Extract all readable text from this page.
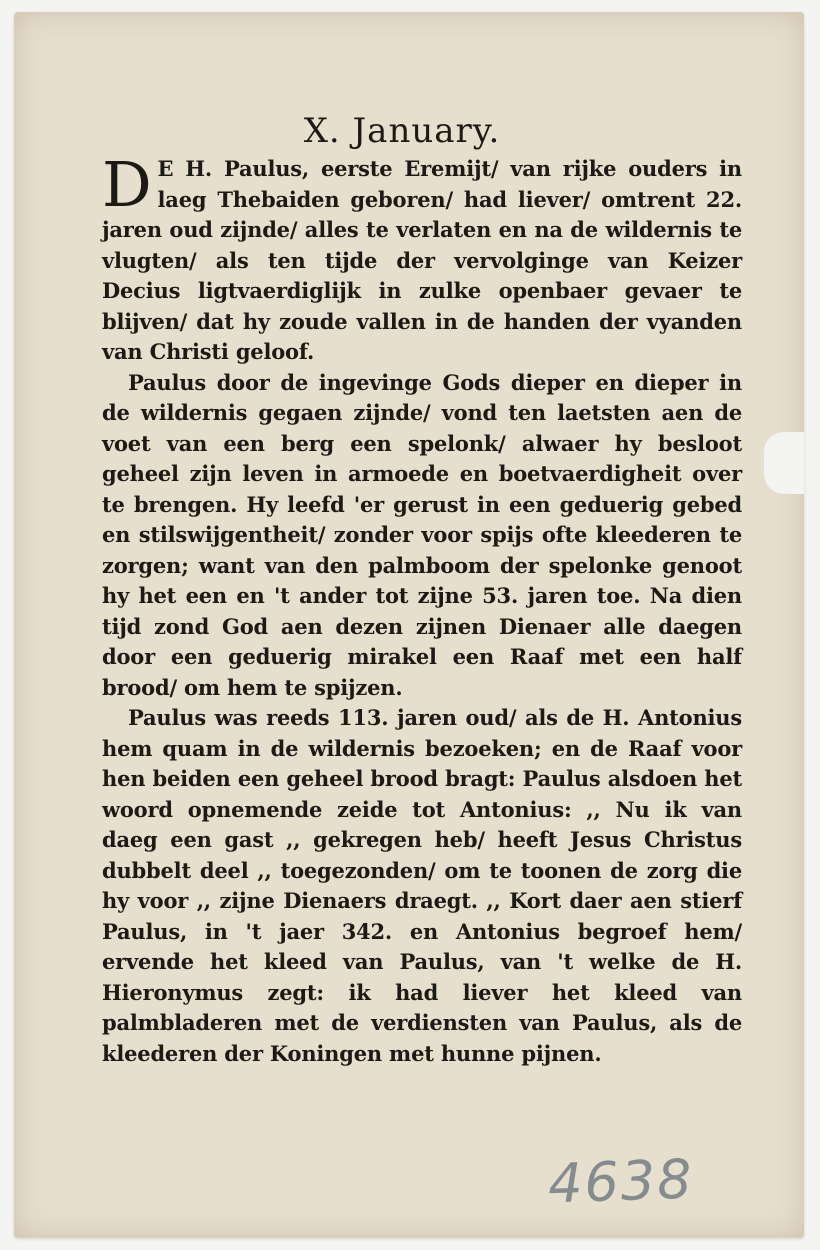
X. January.

D E H. Paulus, eerste Eremijt/ van rijke ouders in laeg Thebaiden geboren/ had liever/ omtrent 22. jaren oud zijnde/ alles te verlaten en na de wildernis te vlugten/ als ten tijde der vervolginge van Keizer Decius ligtvaerdiglijk in zulke openbaer gevaer te blijven/ dat hy zoude vallen in de handen der vyanden van Christi geloof.

Paulus door de ingevinge Gods dieper en dieper in de wildernis gegaen zijnde/ vond ten laetsten aen de voet van een berg een spelonk/ alwaer hy besloot geheel zijn leven in armoede en boetvaerdigheit over te brengen. Hy leefd 'er gerust in een geduerig gebed en stilswijgentheit/ zonder voor spijs ofte kleederen te zorgen; want van den palmboom der spelonke genoot hy het een en 't ander tot zijne 53. jaren toe. Na dien tijd zond God aen dezen zijnen Dienaer alle daegen door een geduerig mirakel een Raaf met een half brood/ om hem te spijzen.

Paulus was reeds 113. jaren oud/ als de H. Antonius hem quam in de wildernis bezoeken; en de Raaf voor hen beiden een geheel brood bragt: Paulus alsdoen het woord opnemende zeide tot Antonius: ,, Nu ik van daeg een gast ,, gekregen heb/ heeft Jesus Christus dubbelt deel ,, toegezonden/ om te toonen de zorg die hy voor ,, zijne Dienaers draegt. ,, Kort daer aen stierf Paulus, in 't jaer 342. en Antonius begroef hem/ ervende het kleed van Paulus, van 't welke de H. Hieronymus zegt: ik had liever het kleed van palmbladeren met de verdiensten van Paulus, als de kleederen der Koningen met hunne pijnen.

4638
